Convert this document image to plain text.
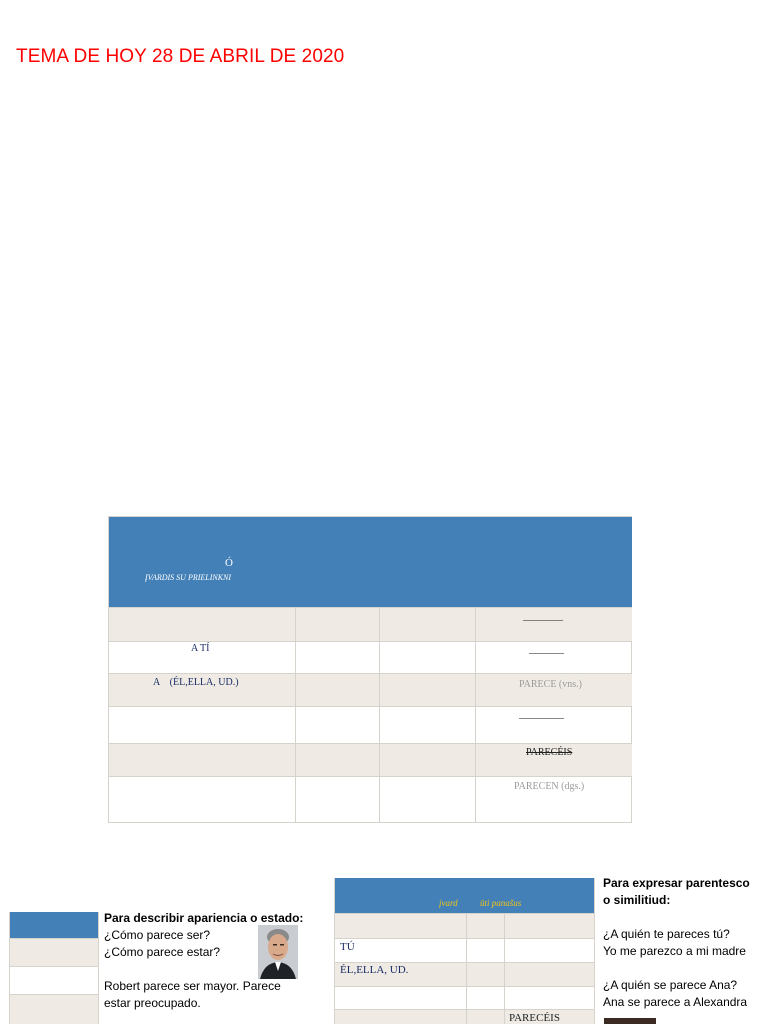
TEMA DE HOY 28 DE ABRIL DE 2020
Ó
ĮVARDIS SU PRIELINKNI
________
A TÍ	_______
A    (ÉL,ELLA, UD.)	PARECE (vns.)
_________
PARECÉIS
PARECEN (dgs.)
Para describir apariencia o estado:
¿Cómo parece ser?
¿Cómo parece estar?
Robert parece ser mayor. Parece
estar preocupado.
įvard ūti panašus
TÚ
ÉL,ELLA, UD.
PARECÉIS
Para expresar parentesco
o similitiud:
¿A quién te pareces tú?
Yo me parezco a mi madre
¿A quién se parece Ana?
Ana se parece a Alexandra
